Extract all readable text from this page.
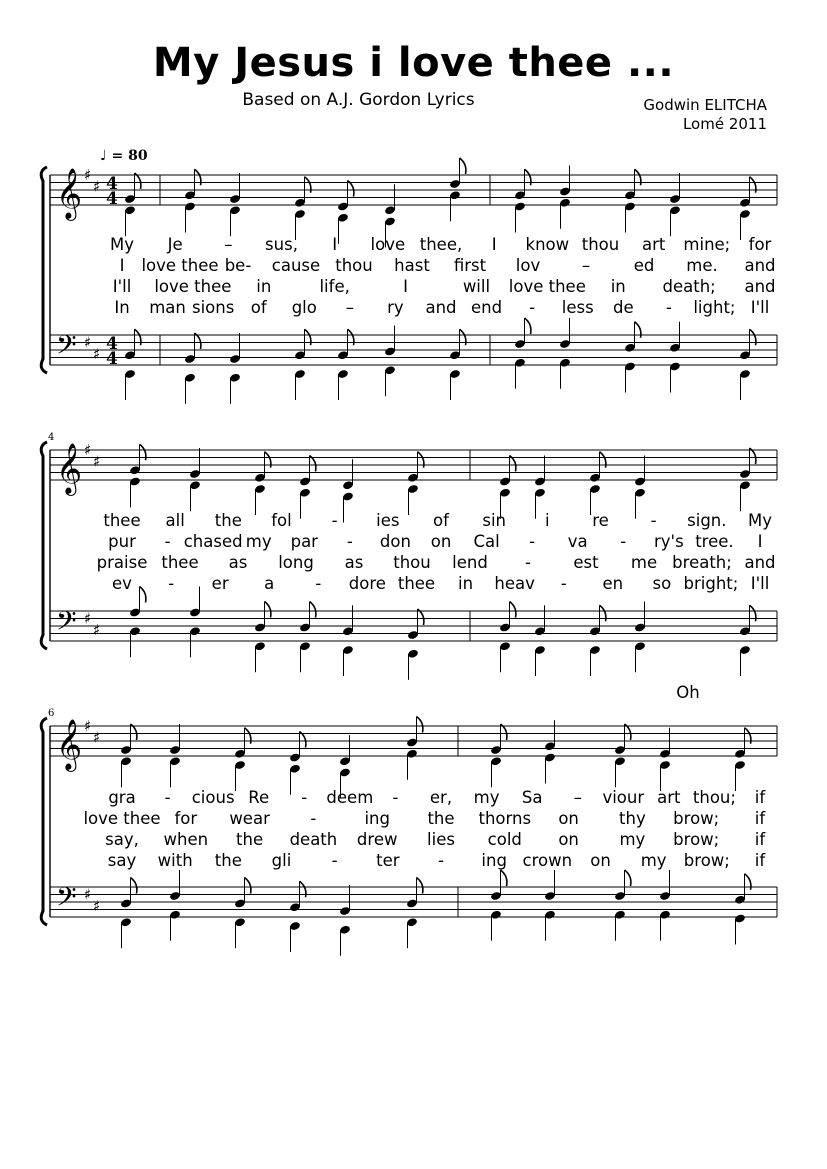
My Jesus i love thee ...
Based on A.J. Gordon Lyrics	Godwin ELITCHA
Lomé 2011
𝄞
𝄢
♯
♯
♯
♯
4
4
4
4
𝄞
𝄢
♯
♯
♯
♯
𝄞
𝄢
♯
♯
♯
♯
♩ = 80
4
6
My Je	– sus, I love thee, I know thou art mine; for
I love thee be- cause thou hast first lov	–	ed me. and
I'll love thee in	life,	I	will love thee in death; and
In man sions of glo – ry and end - less de - light; I'll
thee all the fol - ies of sin i	re	- sign. My
pur - chased my par - don on Cal - va - ry's tree. I
praise thee as long as thou lend -	est me breath; and
ev - er a - dore thee in heav - en so bright; I'll
Oh
gra - cious Re - deem - er, my Sa – viour art thou; if
love thee for wear -	ing the thorns on thy brow; if
say, when the death drew lies cold on my brow; if
say with the gli - ter - ing crown on my brow; if
